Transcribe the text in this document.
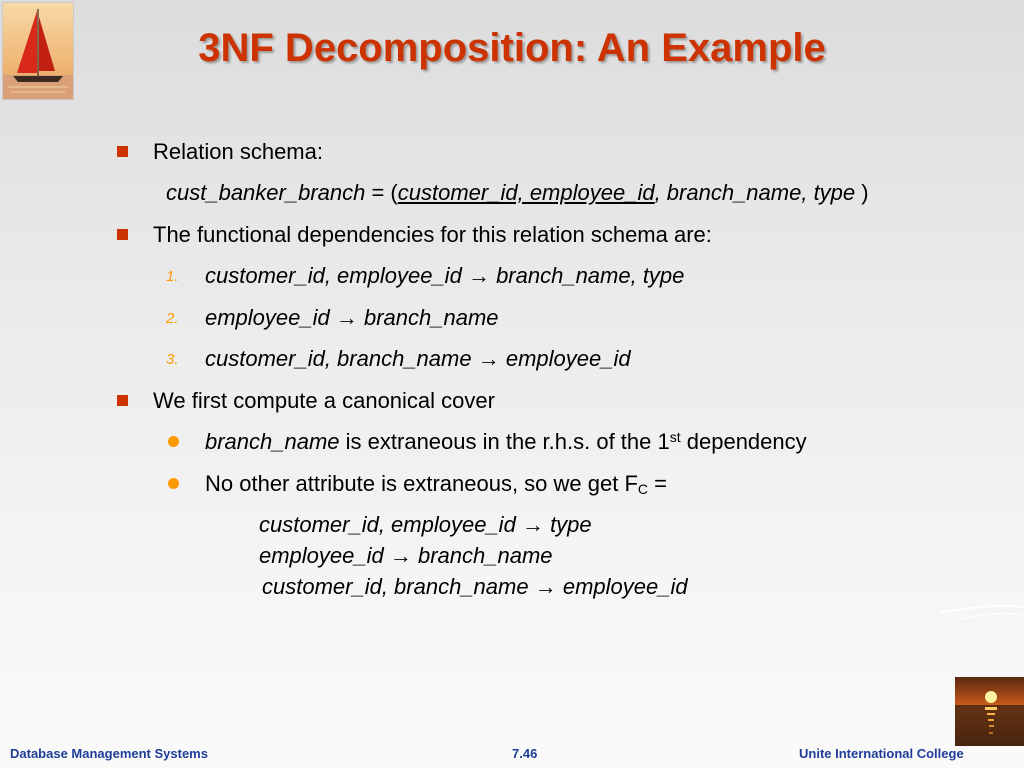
3NF Decomposition: An Example
Relation schema:
cust_banker_branch = (customer_id, employee_id, branch_name, type )
The functional dependencies for this relation schema are:
1. customer_id, employee_id → branch_name, type
2. employee_id → branch_name
3. customer_id, branch_name → employee_id
We first compute a canonical cover
branch_name is extraneous in the r.h.s. of the 1st dependency
No other attribute is extraneous, so we get $F_C$ =
customer_id, employee_id → type
employee_id → branch_name
customer_id, branch_name → employee_id
Database Management Systems	7.46	Unite International College
